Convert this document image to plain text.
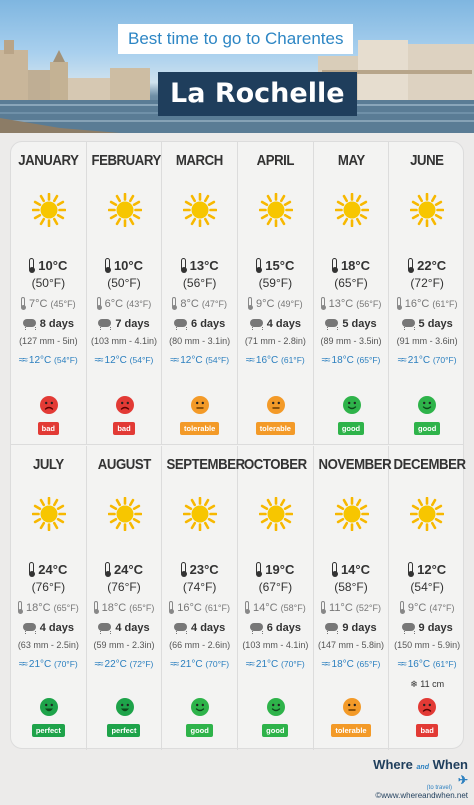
Best time to go to Charentes
La Rochelle
JANUARY
10°C
(50°F)
7°C (45°F)
8 days
(127 mm - 5in)
≈≈ 12°C (54°F)
bad
FEBRUARY
10°C
(50°F)
6°C (43°F)
7 days
(103 mm - 4.1in)
≈≈ 12°C (54°F)
bad
MARCH
13°C
(56°F)
8°C (47°F)
6 days
(80 mm - 3.1in)
≈≈ 12°C (54°F)
tolerable
APRIL
15°C
(59°F)
9°C (49°F)
4 days
(71 mm - 2.8in)
≈≈ 16°C (61°F)
tolerable
MAY
18°C
(65°F)
13°C (56°F)
5 days
(89 mm - 3.5in)
≈≈ 18°C (65°F)
good
JUNE
22°C
(72°F)
16°C (61°F)
5 days
(91 mm - 3.6in)
≈≈ 21°C (70°F)
good
JULY
24°C
(76°F)
18°C (65°F)
4 days
(63 mm - 2.5in)
≈≈ 21°C (70°F)
perfect
AUGUST
24°C
(76°F)
18°C (65°F)
4 days
(59 mm - 2.3in)
≈≈ 22°C (72°F)
perfect
SEPTEMBER
23°C
(74°F)
16°C (61°F)
4 days
(66 mm - 2.6in)
≈≈ 21°C (70°F)
good
OCTOBER
19°C
(67°F)
14°C (58°F)
6 days
(103 mm - 4.1in)
≈≈ 21°C (70°F)
good
NOVEMBER
14°C
(58°F)
11°C (52°F)
9 days
(147 mm - 5.8in)
≈≈ 18°C (65°F)
tolerable
DECEMBER
12°C
(54°F)
9°C (47°F)
9 days
(150 mm - 5.9in)
≈≈ 16°C (61°F)
❄ 11 cm
bad
Where and When ✈
(to travel)
©www.whereandwhen.net
